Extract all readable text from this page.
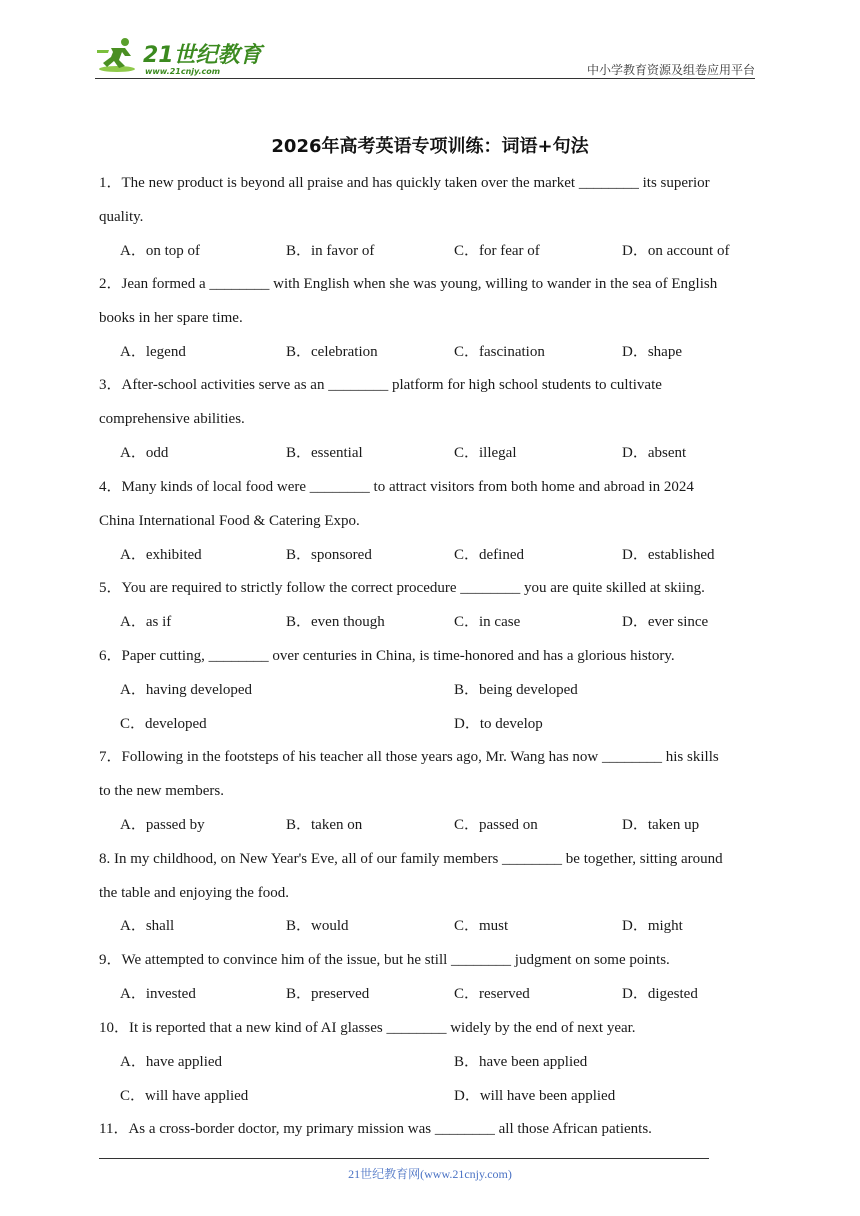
21世纪教育
www.21cnjy.com	中小学教育资源及组卷应用平台
2026年高考英语专项训练：词语+句法
1．The new product is beyond all praise and has quickly taken over the market ________ its superior
quality.
A．on top of	B．in favor of	C．for fear of	D．on account of
2．Jean formed a ________ with English when she was young, willing to wander in the sea of English
books in her spare time.
A．legend	B．celebration	C．fascination	D．shape
3．After-school activities serve as an ________ platform for high school students to cultivate
comprehensive abilities.
A．odd	B．essential	C．illegal	D．absent
4．Many kinds of local food were ________ to attract visitors from both home and abroad in 2024
China International Food & Catering Expo.
A．exhibited	B．sponsored	C．defined	D．established
5．You are required to strictly follow the correct procedure ________ you are quite skilled at skiing.
A．as if	B．even though	C．in case	D．ever since
6．Paper cutting, ________ over centuries in China, is time-honored and has a glorious history.
A．having developed	B．being developed
C．developed	D．to develop
7．Following in the footsteps of his teacher all those years ago, Mr. Wang has now ________ his skills
to the new members.
A．passed by	B．taken on	C．passed on	D．taken up
8. In my childhood, on New Year's Eve, all of our family members ________ be together, sitting around
the table and enjoying the food.
A．shall	B．would	C．must	D．might
9．We attempted to convince him of the issue, but he still ________ judgment on some points.
A．invested	B．preserved	C．reserved	D．digested
10．It is reported that a new kind of AI glasses ________ widely by the end of next year.
A．have applied	B．have been applied
C．will have applied	D．will have been applied
11．As a cross-border doctor, my primary mission was ________ all those African patients.
21世纪教育网(www.21cnjy.com)
